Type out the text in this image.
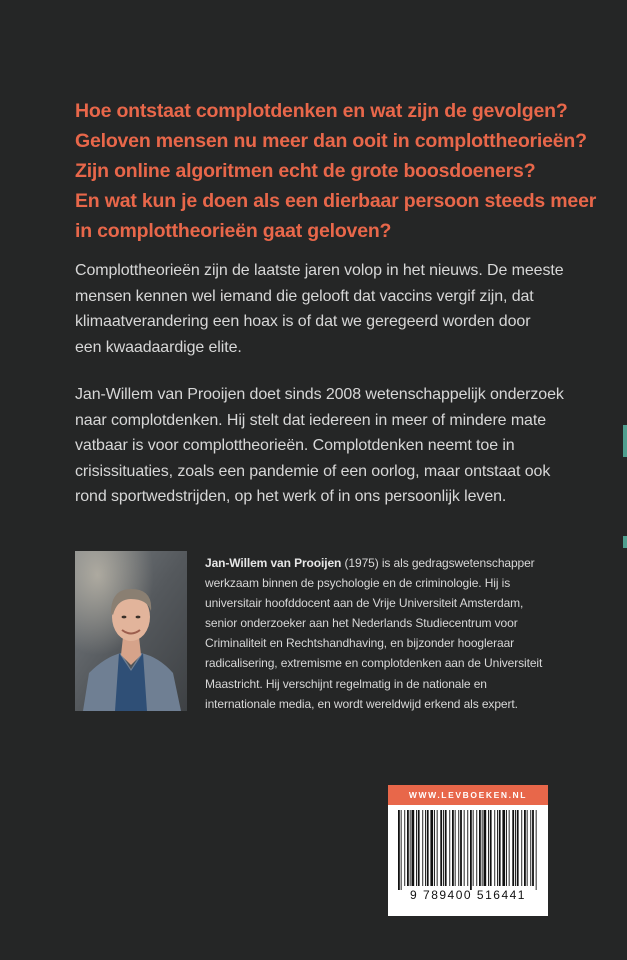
Hoe ontstaat complotdenken en wat zijn de gevolgen?
Geloven mensen nu meer dan ooit in complottheorieën?
Zijn online algoritmen echt de grote boosdoeners?
En wat kun je doen als een dierbaar persoon steeds meer
in complottheorieën gaat geloven?
Complottheorieën zijn de laatste jaren volop in het nieuws. De meeste
mensen kennen wel iemand die gelooft dat vaccins vergif zijn, dat
klimaatverandering een hoax is of dat we geregeerd worden door
een kwaadaardige elite.
Jan-Willem van Prooijen doet sinds 2008 wetenschappelijk onderzoek
naar complotdenken. Hij stelt dat iedereen in meer of mindere mate
vatbaar is voor complottheorieën. Complotdenken neemt toe in
crisissituaties, zoals een pandemie of een oorlog, maar ontstaat ook
rond sportwedstrijden, op het werk of in ons persoonlijk leven.
Jan-Willem van Prooijen (1975) is als gedragswetenschapper
werkzaam binnen de psychologie en de criminologie. Hij is
universitair hoofddocent aan de Vrije Universiteit Amsterdam,
senior onderzoeker aan het Nederlands Studiecentrum voor
Criminaliteit en Rechtshandhaving, en bijzonder hoogleraar
radicalisering, extremisme en complotdenken aan de Universiteit
Maastricht. Hij verschijnt regelmatig in de nationale en
internationale media, en wordt wereldwijd erkend als expert.
WWW.LEVBOEKEN.NL
9 789400 516441
